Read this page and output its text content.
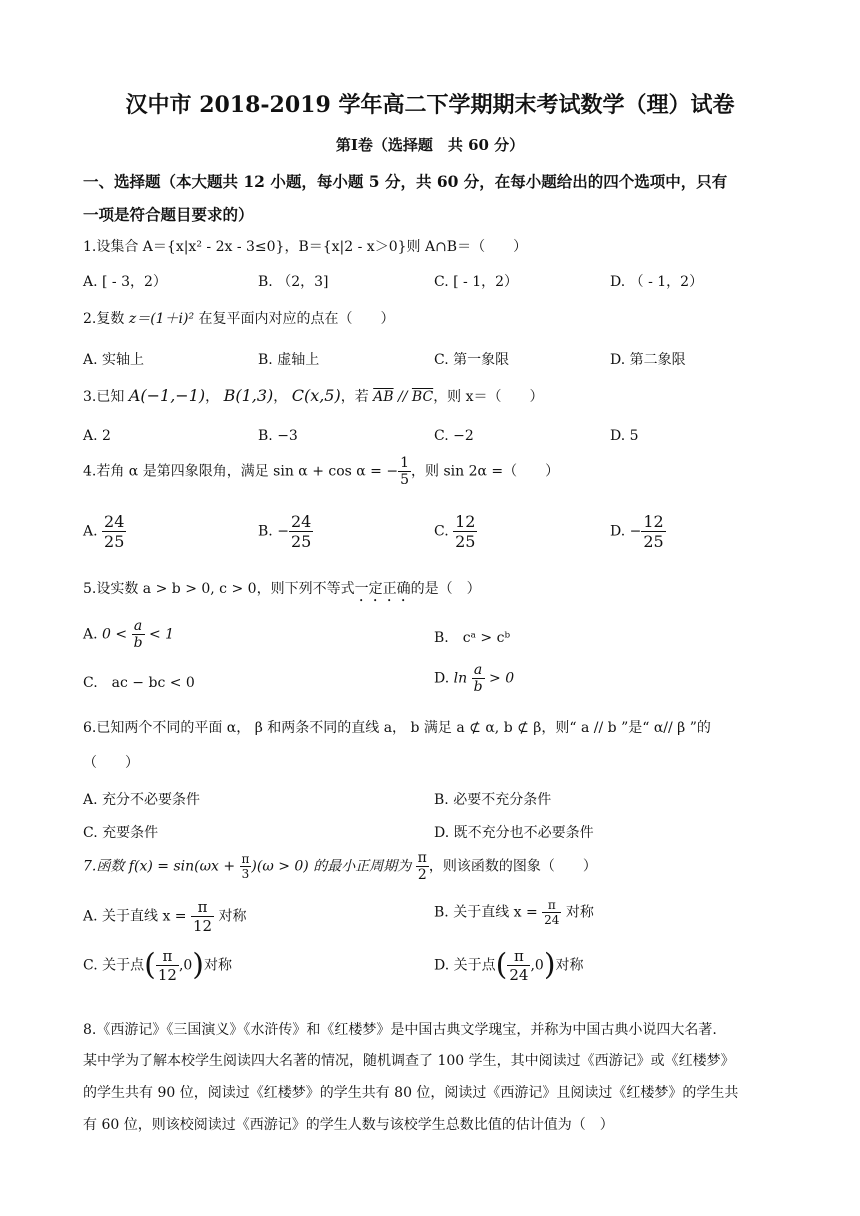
汉中市 2018-2019 学年高二下学期期末考试数学（理）试卷
第Ⅰ卷（选择题　共 60 分）
一、选择题（本大题共 12 小题，每小题 5 分，共 60 分，在每小题给出的四个选项中，只有
一项是符合题目要求的）
1.设集合 A＝{x|x² - 2x - 3≤0}，B＝{x|2 - x＞0}则 A∩B＝（　　）
A. [ - 3，2）	B. （2，3]	C. [ - 1，2）	D. （ - 1，2）
2.复数 z＝(1＋i)² 在复平面内对应的点在（　　）
A. 实轴上	B. 虚轴上	C. 第一象限	D. 第二象限
3.已知 A(−1,−1)， B(1,3)， C(x,5)，若 $\overline{AB} // \overline{BC}$，则 x＝（　　）
A. 2	B. −3	C. −2	D. 5
4.若角 α 是第四象限角，满足 sin α + cos α = − $\frac{1}{5}$ ，则 sin 2α =（　　）
A. $\frac{24}{25}$	B. − $\frac{24}{25}$	C. $\frac{12}{25}$	D. − $\frac{12}{25}$
5.设实数 a > b > 0, c > 0，则下列不等式一定正确的是（　）
A. $0 < \frac{a}{b} < 1$	B.　cᵃ > cᵇ
C.　ac − bc < 0	D. $\ln \frac{a}{b} > 0$
6.已知两个不同的平面 α， β 和两条不同的直线 a， b 满足 a ⊄ α, b ⊄ β，则“ a // b ”是“ α// β ”的
（　　）
A. 充分不必要条件	B. 必要不充分条件
C. 充要条件	D. 既不充分也不必要条件
7.函数 $f(x) = \sin(\omega x + \frac{\pi}{3} )(\omega > 0)$ 的最小正周期为 $\frac{\pi}{2}$ ，则该函数的图象（　　）
A. 关于直线 $x = \frac{\pi}{12}$ 对称	B. 关于直线 $x = \frac{\pi}{24}$ 对称
C. 关于点( $\frac{\pi}{12} ,0$)对称	D. 关于点( $\frac{\pi}{24} ,0$)对称
8.《西游记》《三国演义》《水浒传》和《红楼梦》是中国古典文学瑰宝，并称为中国古典小说四大名著.
某中学为了解本校学生阅读四大名著的情况，随机调查了 100 学生，其中阅读过《西游记》或《红楼梦》
的学生共有 90 位，阅读过《红楼梦》的学生共有 80 位，阅读过《西游记》且阅读过《红楼梦》的学生共
有 60 位，则该校阅读过《西游记》的学生人数与该校学生总数比值的估计值为（　）
